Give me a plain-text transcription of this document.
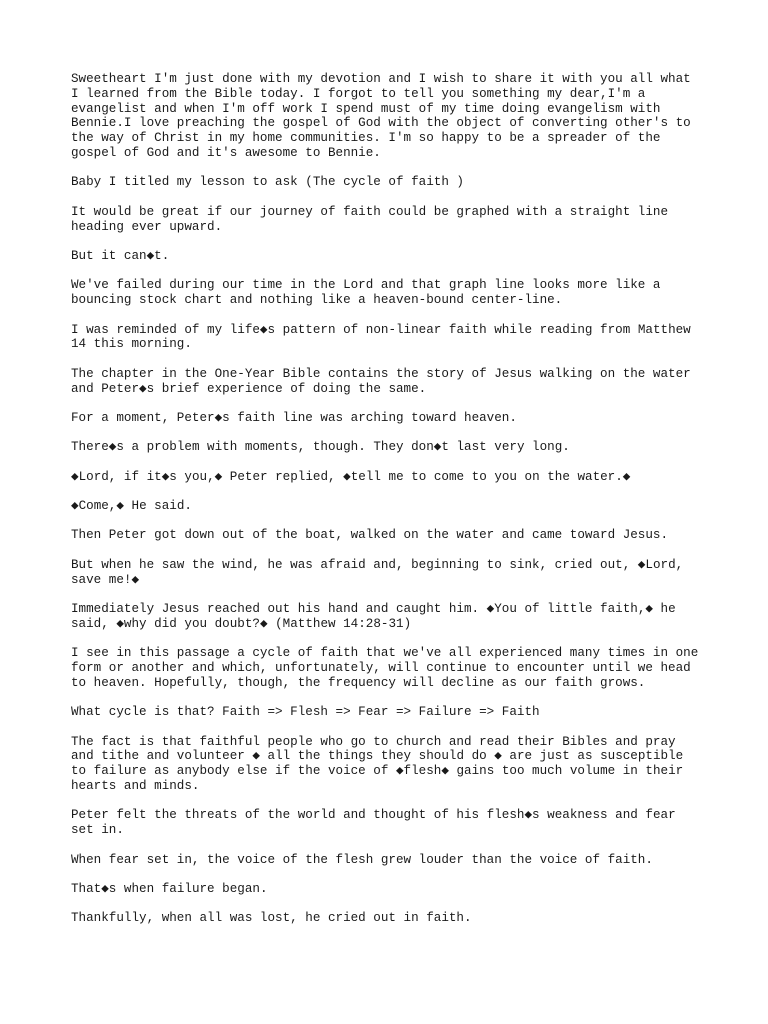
Sweetheart I'm just done with my devotion and I wish to share it with you all what
I learned from the Bible today. I forgot to tell you something my dear,I'm a
evangelist and when I'm off work I spend must of my time doing evangelism with
Bennie.I love preaching the gospel of God with the object of converting other's to
the way of Christ in my home communities. I'm so happy to be a spreader of the
gospel of God and it's awesome to Bennie.

Baby I titled my lesson to ask (The cycle of faith )

It would be great if our journey of faith could be graphed with a straight line
heading ever upward.

But it can◆t.

We've failed during our time in the Lord and that graph line looks more like a
bouncing stock chart and nothing like a heaven-bound center-line.

I was reminded of my life◆s pattern of non-linear faith while reading from Matthew
14 this morning.

The chapter in the One-Year Bible contains the story of Jesus walking on the water
and Peter◆s brief experience of doing the same.

For a moment, Peter◆s faith line was arching toward heaven.

There◆s a problem with moments, though. They don◆t last very long.

◆Lord, if it◆s you,◆ Peter replied, ◆tell me to come to you on the water.◆

◆Come,◆ He said.

Then Peter got down out of the boat, walked on the water and came toward Jesus.

But when he saw the wind, he was afraid and, beginning to sink, cried out, ◆Lord,
save me!◆

Immediately Jesus reached out his hand and caught him. ◆You of little faith,◆ he
said, ◆why did you doubt?◆ (Matthew 14:28-31)

I see in this passage a cycle of faith that we've all experienced many times in one
form or another and which, unfortunately, will continue to encounter until we head
to heaven. Hopefully, though, the frequency will decline as our faith grows.

What cycle is that? Faith => Flesh => Fear => Failure => Faith

The fact is that faithful people who go to church and read their Bibles and pray
and tithe and volunteer ◆ all the things they should do ◆ are just as susceptible
to failure as anybody else if the voice of ◆flesh◆ gains too much volume in their
hearts and minds.

Peter felt the threats of the world and thought of his flesh◆s weakness and fear
set in.

When fear set in, the voice of the flesh grew louder than the voice of faith.

That◆s when failure began.

Thankfully, when all was lost, he cried out in faith.
